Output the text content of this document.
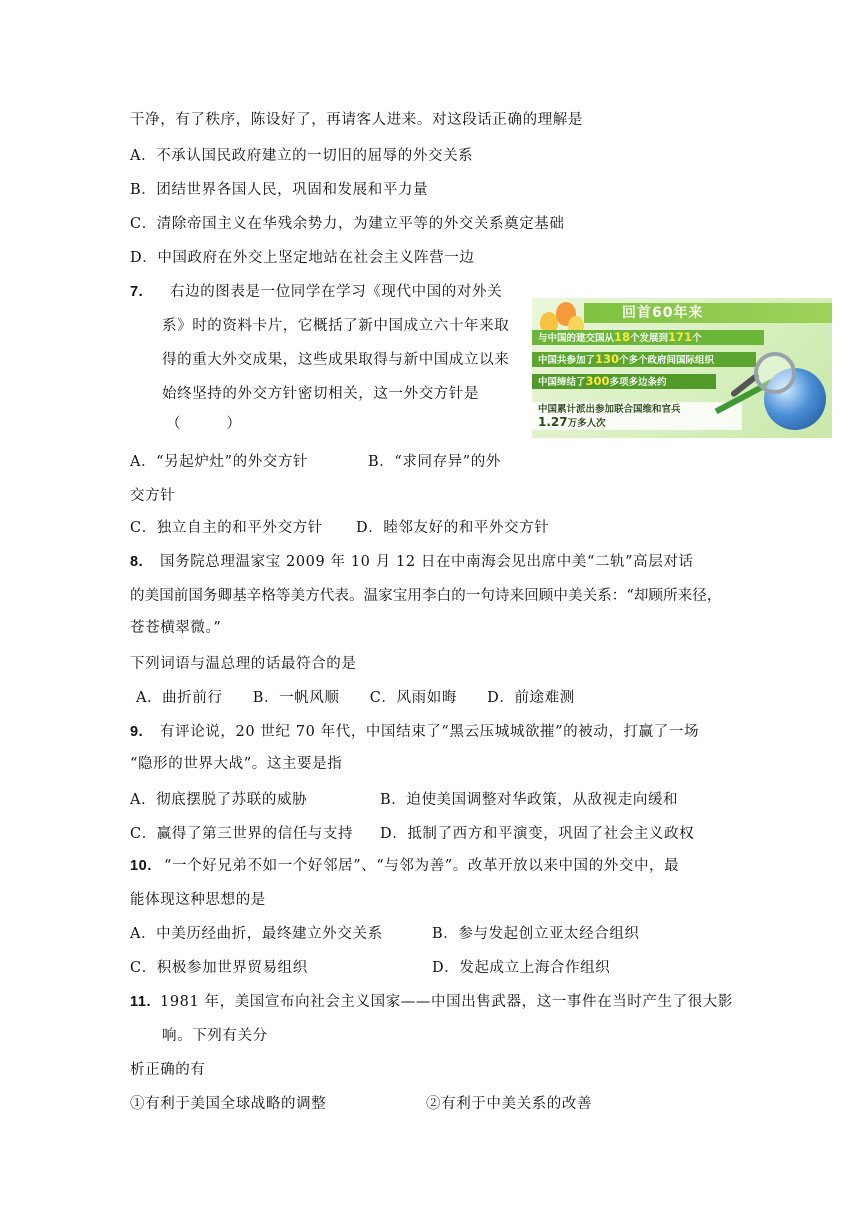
干净，有了秩序，陈设好了，再请客人进来。对这段话正确的理解是
A．不承认国民政府建立的一切旧的屈辱的外交关系
B．团结世界各国人民，巩固和发展和平力量
C．清除帝国主义在华残余势力，为建立平等的外交关系奠定基础
D．中国政府在外交上坚定地站在社会主义阵营一边
7. 右边的图表是一位同学在学习《现代中国的对外关
系》时的资料卡片，它概括了新中国成立六十年来取
得的重大外交成果，这些成果取得与新中国成立以来
始终坚持的外交方针密切相关，这一外交方针是
（　　　）
回首60年来
与中国的建交国从18个发展到171个
中国共参加了130个多个政府间国际组织
中国缔结了300多项多边条约
中国累计派出参加联合国维和官兵
1.27万多人次
A．“另起炉灶”的外交方针	B．“求同存异”的外
交方针
C．独立自主的和平外交方针 D．睦邻友好的和平外交方针
8. 国务院总理温家宝 2009 年 10 月 12 日在中南海会见出席中美“二轨”高层对话
的美国前国务卿基辛格等美方代表。温家宝用李白的一句诗来回顾中美关系：“却顾所来径，
苍苍横翠微。”
下列词语与温总理的话最符合的是
A．曲折前行　　B．一帆风顺　　C．风雨如晦　　D．前途难测
9. 有评论说，20 世纪 70 年代，中国结束了“黑云压城城欲摧”的被动，打赢了一场
“隐形的世界大战”。这主要是指
A．彻底摆脱了苏联的威胁	B．迫使美国调整对华政策，从敌视走向缓和
C．赢得了第三世界的信任与支持 D．抵制了西方和平演变，巩固了社会主义政权
10. “一个好兄弟不如一个好邻居”、“与邻为善”。改革开放以来中国的外交中，最
能体现这种思想的是
A．中美历经曲折，最终建立外交关系	B．参与发起创立亚太经合组织
C．积极参加世界贸易组织	D．发起成立上海合作组织
11. 1981 年，美国宣布向社会主义国家——中国出售武器，这一事件在当时产生了很大影
响。下列有关分
析正确的有
①有利于美国全球战略的调整	②有利于中美关系的改善
